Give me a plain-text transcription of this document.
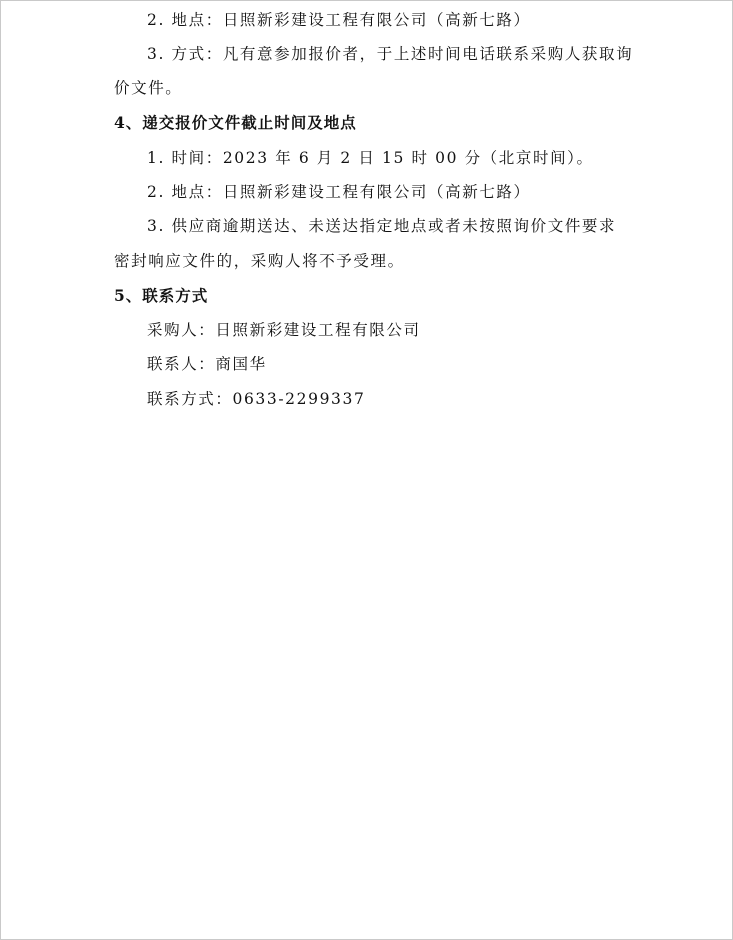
2. 地点：日照新彩建设工程有限公司（高新七路）
3. 方式：凡有意参加报价者，于上述时间电话联系采购人获取询
价文件。
4、递交报价文件截止时间及地点
1. 时间：2023 年 6 月 2 日 15 时 00 分（北京时间）。
2. 地点：日照新彩建设工程有限公司（高新七路）
3. 供应商逾期送达、未送达指定地点或者未按照询价文件要求
密封响应文件的，采购人将不予受理。
5、联系方式
采购人：日照新彩建设工程有限公司
联系人：商国华
联系方式：0633-2299337
